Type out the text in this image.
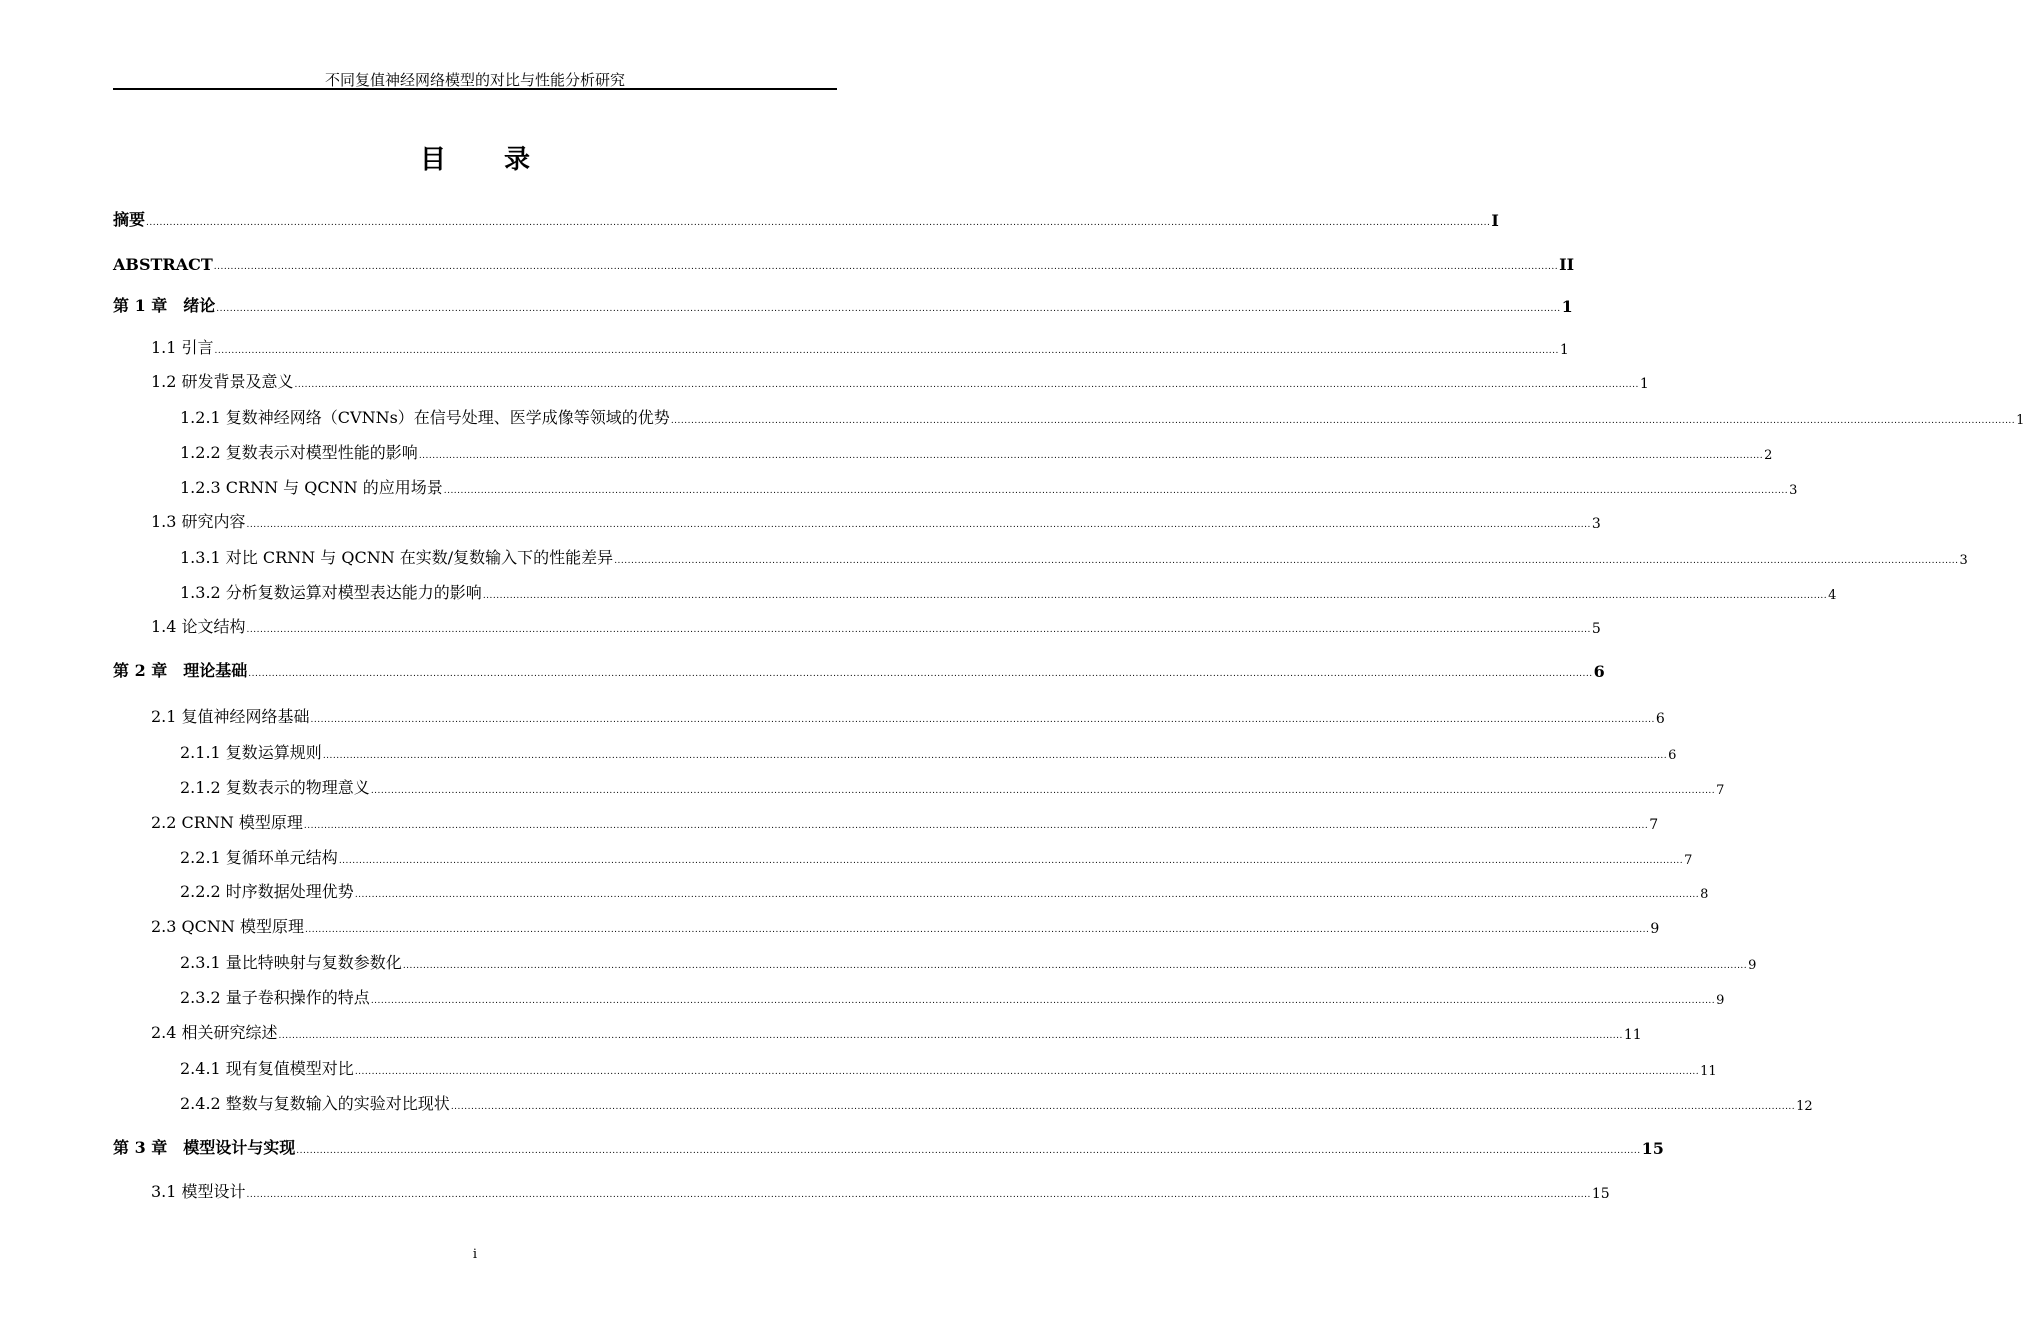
不同复值神经网络模型的对比与性能分析研究
目录
摘要 ................................................................................................................................................................................................................................................................................................................................................................................................................ I
ABSTRACT ................................................................................................................................................................................................................................................................................................................................................................................................................ II
第 1 章　绪论 ................................................................................................................................................................................................................................................................................................................................................................................................................ 1
1.1 引言 ................................................................................................................................................................................................................................................................................................................................................................................................................ 1
1.2 研发背景及意义 ................................................................................................................................................................................................................................................................................................................................................................................................................ 1
1.2.1 复数神经网络（CVNNs）在信号处理、医学成像等领域的优势 ................................................................................................................................................................................................................................................................................................................................................................................................................ 1
1.2.2 复数表示对模型性能的影响 ................................................................................................................................................................................................................................................................................................................................................................................................................ 2
1.2.3 CRNN 与 QCNN 的应用场景 ................................................................................................................................................................................................................................................................................................................................................................................................................ 3
1.3 研究内容 ................................................................................................................................................................................................................................................................................................................................................................................................................ 3
1.3.1 对比 CRNN 与 QCNN 在实数/复数输入下的性能差异 ................................................................................................................................................................................................................................................................................................................................................................................................................ 3
1.3.2 分析复数运算对模型表达能力的影响 ................................................................................................................................................................................................................................................................................................................................................................................................................ 4
1.4 论文结构 ................................................................................................................................................................................................................................................................................................................................................................................................................ 5
第 2 章　理论基础 ................................................................................................................................................................................................................................................................................................................................................................................................................ 6
2.1 复值神经网络基础 ................................................................................................................................................................................................................................................................................................................................................................................................................ 6
2.1.1 复数运算规则 ................................................................................................................................................................................................................................................................................................................................................................................................................ 6
2.1.2 复数表示的物理意义 ................................................................................................................................................................................................................................................................................................................................................................................................................ 7
2.2 CRNN 模型原理 ................................................................................................................................................................................................................................................................................................................................................................................................................ 7
2.2.1 复循环单元结构 ................................................................................................................................................................................................................................................................................................................................................................................................................ 7
2.2.2 时序数据处理优势 ................................................................................................................................................................................................................................................................................................................................................................................................................ 8
2.3 QCNN 模型原理 ................................................................................................................................................................................................................................................................................................................................................................................................................ 9
2.3.1 量比特映射与复数参数化 ................................................................................................................................................................................................................................................................................................................................................................................................................ 9
2.3.2 量子卷积操作的特点 ................................................................................................................................................................................................................................................................................................................................................................................................................ 9
2.4 相关研究综述 ................................................................................................................................................................................................................................................................................................................................................................................................................ 11
2.4.1 现有复值模型对比 ................................................................................................................................................................................................................................................................................................................................................................................................................ 11
2.4.2 整数与复数输入的实验对比现状 ................................................................................................................................................................................................................................................................................................................................................................................................................ 12
第 3 章　模型设计与实现 ................................................................................................................................................................................................................................................................................................................................................................................................................ 15
3.1 模型设计 ................................................................................................................................................................................................................................................................................................................................................................................................................ 15
i
